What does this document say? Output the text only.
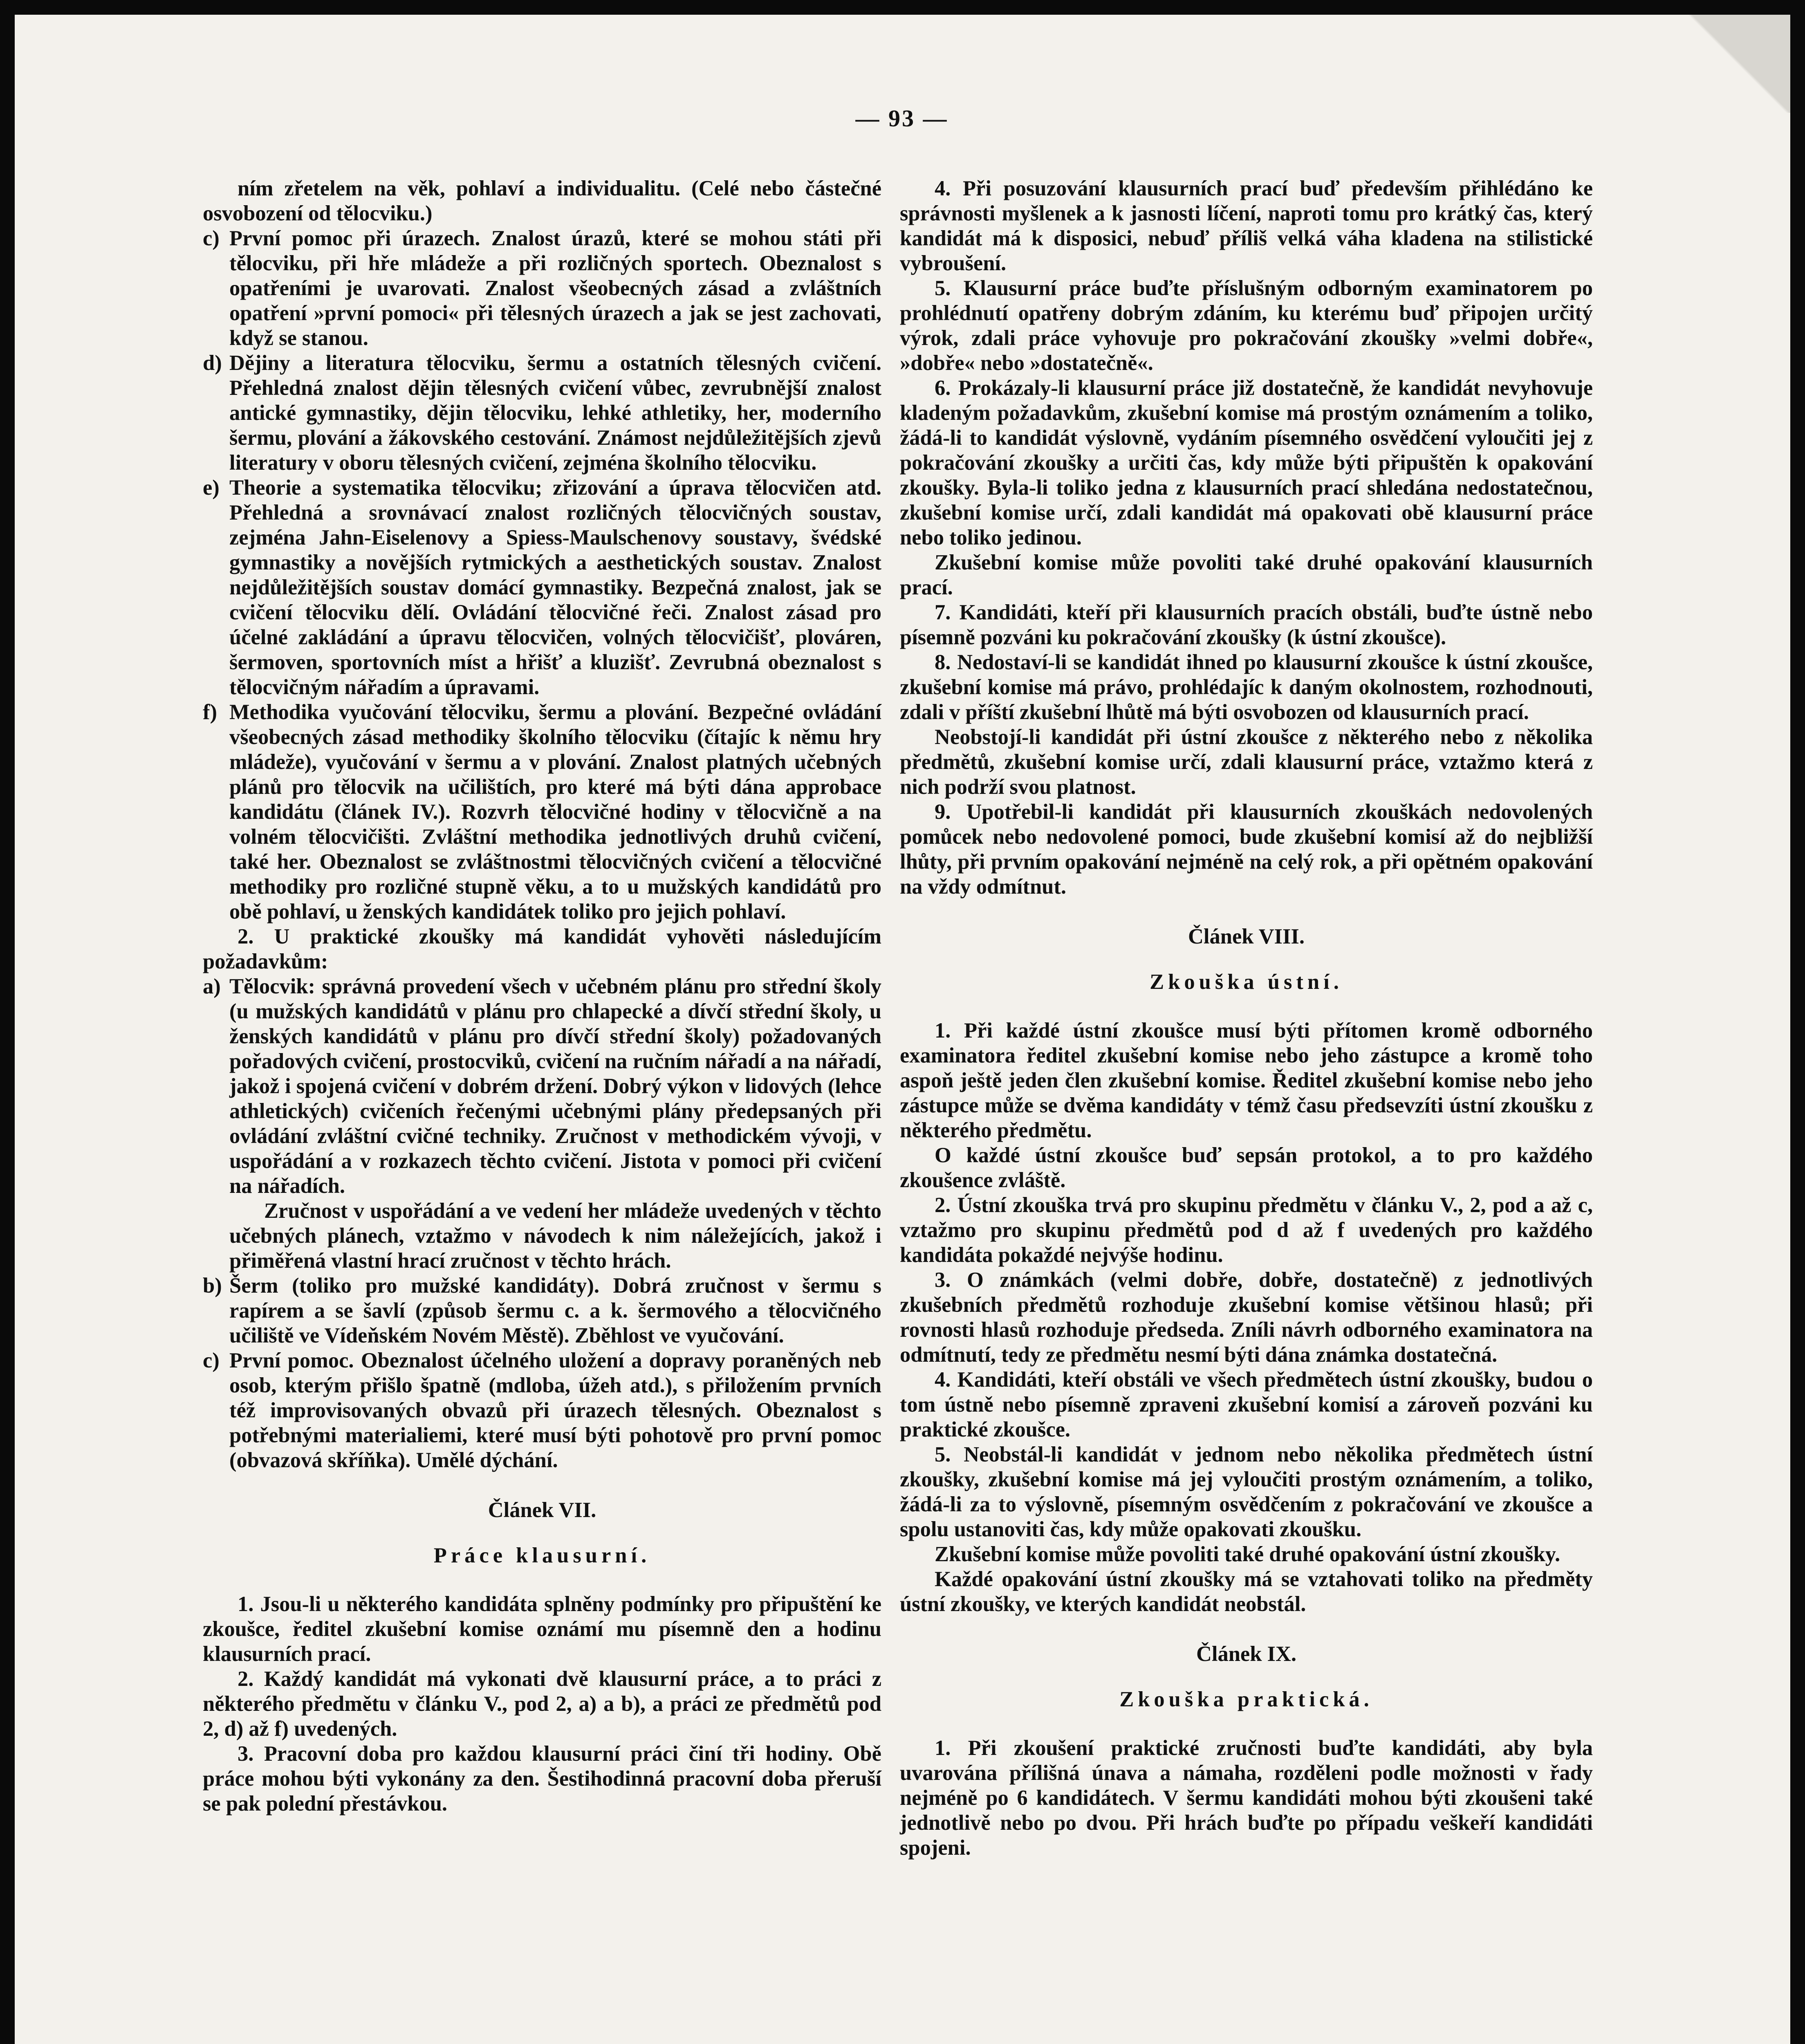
— 93 —

ním zřetelem na věk, pohlaví a individualitu. (Celé nebo částečné osvobození od tělocviku.)

c) První pomoc při úrazech. Znalost úrazů, které se mohou státi při tělocviku, při hře mládeže a při rozličných sportech. Obeznalost s opatřeními je uvarovati. Znalost všeobecných zásad a zvláštních opatření »první pomoci« při tělesných úrazech a jak se jest zachovati, když se stanou.
d) Dějiny a literatura tělocviku, šermu a ostatních tělesných cvičení. Přehledná znalost dějin tělesných cvičení vůbec, zevrubnější znalost antické gymnastiky, dějin tělocviku, lehké athletiky, her, moderního šermu, plování a žákovského cestování. Známost nejdůležitějších zjevů literatury v oboru tělesných cvičení, zejména školního tělocviku.
e) Theorie a systematika tělocviku; zřizování a úprava tělocvičen atd. Přehledná a srovnávací znalost rozličných tělocvičných soustav, zejména Jahn-Eiselenovy a Spiess-Maulschenovy soustavy, švédské gymnastiky a novějších rytmických a aesthetických soustav. Znalost nejdůležitějších soustav domácí gymnastiky. Bezpečná znalost, jak se cvičení tělocviku dělí. Ovládání tělocvičné řeči. Znalost zásad pro účelné zakládání a úpravu tělocvičen, volných tělocvičišť, plováren, šermoven, sportovních míst a hřišť a kluzišť. Zevrubná obeznalost s tělocvičným nářadím a úpravami.
f) Methodika vyučování tělocviku, šermu a plování. Bezpečné ovládání všeobecných zásad methodiky školního tělocviku (čítajíc k němu hry mládeže), vyučování v šermu a v plování. Znalost platných učebných plánů pro tělocvik na učilištích, pro které má býti dána approbace kandidátu (článek IV.). Rozvrh tělocvičné hodiny v tělocvičně a na volném tělocvičišti. Zvláštní methodika jednotlivých druhů cvičení, také her. Obeznalost se zvláštnostmi tělocvičných cvičení a tělocvičné methodiky pro rozličné stupně věku, a to u mužských kandidátů pro obě pohlaví, u ženských kandidátek toliko pro jejich pohlaví.

2. U praktické zkoušky má kandidát vyhověti následujícím požadavkům:

a) Tělocvik: správná provedení všech v učebném plánu pro střední školy (u mužských kandidátů v plánu pro chlapecké a dívčí střední školy, u ženských kandidátů v plánu pro dívčí střední školy) požadovaných pořadových cvičení, prostocviků, cvičení na ručním nářadí a na nářadí, jakož i spojená cvičení v dobrém držení. Dobrý výkon v lidových (lehce athletických) cvičeních řečenými učebnými plány předepsaných při ovládání zvláštní cvičné techniky. Zručnost v methodickém vývoji, v uspořádání a v rozkazech těchto cvičení. Jistota v pomoci při cvičení na nářadích.

Zručnost v uspořádání a ve vedení her mládeže uvedených v těchto učebných plánech, vztažmo v návodech k nim náležejících, jakož i přiměřená vlastní hrací zručnost v těchto hrách.

b) Šerm (toliko pro mužské kandidáty). Dobrá zručnost v šermu s rapírem a se šavlí (způsob šermu c. a k. šermového a tělocvičného učiliště ve Vídeňském Novém Městě). Zběhlost ve vyučování.
c) První pomoc. Obeznalost účelného uložení a dopravy poraněných neb osob, kterým přišlo špatně (mdloba, úžeh atd.), s přiložením prvních též improvisovaných obvazů při úrazech tělesných. Obeznalost s potřebnými materialiemi, které musí býti pohotově pro první pomoc (obvazová skříňka). Umělé dýchání.

Článek VII.

Práce klausurní.

1. Jsou-li u některého kandidáta splněny podmínky pro připuštění ke zkoušce, ředitel zkušební komise oznámí mu písemně den a hodinu klausurních prací.

2. Každý kandidát má vykonati dvě klausurní práce, a to práci z některého předmětu v článku V., pod 2, a) a b), a práci ze předmětů pod 2, d) až f) uvedených.

3. Pracovní doba pro každou klausurní práci činí tři hodiny. Obě práce mohou býti vykonány za den. Šestihodinná pracovní doba přeruší se pak polední přestávkou.

4. Při posuzování klausurních prací buď především přihlédáno ke správnosti myšlenek a k jasnosti líčení, naproti tomu pro krátký čas, který kandidát má k disposici, nebuď příliš velká váha kladena na stilistické vybroušení.

5. Klausurní práce buďte příslušným odborným examinatorem po prohlédnutí opatřeny dobrým zdáním, ku kterému buď připojen určitý výrok, zdali práce vyhovuje pro pokračování zkoušky »velmi dobře«, »dobře« nebo »dostatečně«.

6. Prokázaly-li klausurní práce již dostatečně, že kandidát nevyhovuje kladeným požadavkům, zkušební komise má prostým oznámením a toliko, žádá-li to kandidát výslovně, vydáním písemného osvědčení vyloučiti jej z pokračování zkoušky a určiti čas, kdy může býti připuštěn k opakování zkoušky. Byla-li toliko jedna z klausurních prací shledána nedostatečnou, zkušební komise určí, zdali kandidát má opakovati obě klausurní práce nebo toliko jedinou.

Zkušební komise může povoliti také druhé opakování klausurních prací.

7. Kandidáti, kteří při klausurních pracích obstáli, buďte ústně nebo písemně pozváni ku pokračování zkoušky (k ústní zkoušce).

8. Nedostaví-li se kandidát ihned po klausurní zkoušce k ústní zkoušce, zkušební komise má právo, prohlédajíc k daným okolnostem, rozhodnouti, zdali v příští zkušební lhůtě má býti osvobozen od klausurních prací.

Neobstojí-li kandidát při ústní zkoušce z některého nebo z několika předmětů, zkušební komise určí, zdali klausurní práce, vztažmo která z nich podrží svou platnost.

9. Upotřebil-li kandidát při klausurních zkouškách nedovolených pomůcek nebo nedovolené pomoci, bude zkušební komisí až do nejbližší lhůty, při prvním opakování nejméně na celý rok, a při opětném opakování na vždy odmítnut.

Článek VIII.

Zkouška ústní.

1. Při každé ústní zkoušce musí býti přítomen kromě odborného examinatora ředitel zkušební komise nebo jeho zástupce a kromě toho aspoň ještě jeden člen zkušební komise. Ředitel zkušební komise nebo jeho zástupce může se dvěma kandidáty v témž času předsevzíti ústní zkoušku z některého předmětu.

O každé ústní zkoušce buď sepsán protokol, a to pro každého zkoušence zvláště.

2. Ústní zkouška trvá pro skupinu předmětu v článku V., 2, pod a až c, vztažmo pro skupinu předmětů pod d až f uvedených pro každého kandidáta pokaždé nejvýše hodinu.

3. O známkách (velmi dobře, dobře, dostatečně) z jednotlivých zkušebních předmětů rozhoduje zkušební komise většinou hlasů; při rovnosti hlasů rozhoduje předseda. Zníli návrh odborného examinatora na odmítnutí, tedy ze předmětu nesmí býti dána známka dostatečná.

4. Kandidáti, kteří obstáli ve všech předmětech ústní zkoušky, budou o tom ústně nebo písemně zpraveni zkušební komisí a zároveň pozváni ku praktické zkoušce.

5. Neobstál-li kandidát v jednom nebo několika předmětech ústní zkoušky, zkušební komise má jej vyloučiti prostým oznámením, a toliko, žádá-li za to výslovně, písemným osvědčením z pokračování ve zkoušce a spolu ustanoviti čas, kdy může opakovati zkoušku.

Zkušební komise může povoliti také druhé opakování ústní zkoušky.

Každé opakování ústní zkoušky má se vztahovati toliko na předměty ústní zkoušky, ve kterých kandidát neobstál.

Článek IX.

Zkouška praktická.

1. Při zkoušení praktické zručnosti buďte kandidáti, aby byla uvarována přílišná únava a námaha, rozděleni podle možnosti v řady nejméně po 6 kandidátech. V šermu kandidáti mohou býti zkoušeni také jednotlivě nebo po dvou. Při hrách buďte po případu veškeří kandidáti spojeni.
